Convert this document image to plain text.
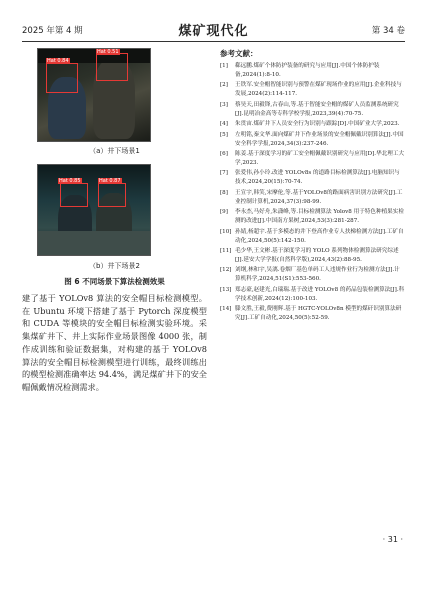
2025 年第 4 期	煤矿现代化	第 34 卷
Hat 0.84
Hat 0.51
（a）井下场景1
Hat 0.85	Hat 0.87
（b）井下场景2
图 6 不同场景下算法检测效果
建了基于 YOLOv8 算法的安全帽目标检测模型。在 Ubuntu 环境下搭建了基于 Pytorch 深度模型和 CUDA 等模块的安全帽目标检测实验环境。采集煤矿井下、井上实际作业场景图像 4000 张，制作成训练和验证数据集，对构建的基于 YOLOv8 算法的安全帽目标检测模型进行训练，最终训练出的模型检测准确率达 94.4%，满足煤矿井下的安全帽佩戴情况检测需求。
参考文献：
[1]	郗远鹏.煤矿个体防护装备的研究与应用[J].中国个体防护装备,2024(1):8-10.
[2]	王铁军.安全帽智能识别与预警在煤矿现场作业的应用[J].企业科技与发展,2024(2):114-117.
[3]	蔡昊天,田毅锋,古春山,等.基于智能安全帽的煤矿人员监测系统研究[J].昆明冶金高等专科学校学报,2023,39(4):70-75.
[4]	朱贯宙.煤矿井下人员安全行为识别与跟踪[D].中国矿业大学,2023.
[5]	左明铭,秦文华.面向煤矿井下作业场景的安全帽佩戴识别算法[J].中国安全科学学报,2024,34(3):237-246.
[6]	陈姜.基于深度学习的矿工安全帽佩戴识别研究与应用[D].华北理工大学,2023.
[7]	张爱伟,孙小玲.改进 YOLOv8s 的道路目标检测算法[J].电脑知识与技术,2024,20(15):70-74.
[8]	王宣宇,韩笑,宋摩伦,等.基于YOLOv8的路面病害识别方法研究[J].工业控制计算机,2024,37(3):98-99.
[9]	李永杰,马好舟,朱潇峰,等.目标检测算法 Yolov8 用于特色种植果实检测的改进[J].中国南方果树,2024,53(3):281-287.
[10] 孙婧,杨超宇.基于多模态的井下登高作业专人扶梯检测方法[J].工矿自动化,2024,50(5):142-150.
[11] 毛少华,王文彬.基于深度学习的 YOLO 系列物体检测算法研究综述[J].延安大学学报(自然科学版),2024,43(2):88-95.
[12] 刘纲,林和宇,吴漓.卷烟厂基色单码工人违规作业行为检测方法[J].计算机科学,2024,51(S1):553-560.
[13] 郑志豪,赵建光,白瑞瑞.基于改进 YOLOv8 的药品包装检测算法[J].科学技术创新,2024(12):100-103.
[14] 滕文胜,王毅,费刚辉.基于 HGTC-YOLOv8n 模型的煤矸识别算法研究[J].工矿自动化,2024,50(5):52-59.
· 31 ·
